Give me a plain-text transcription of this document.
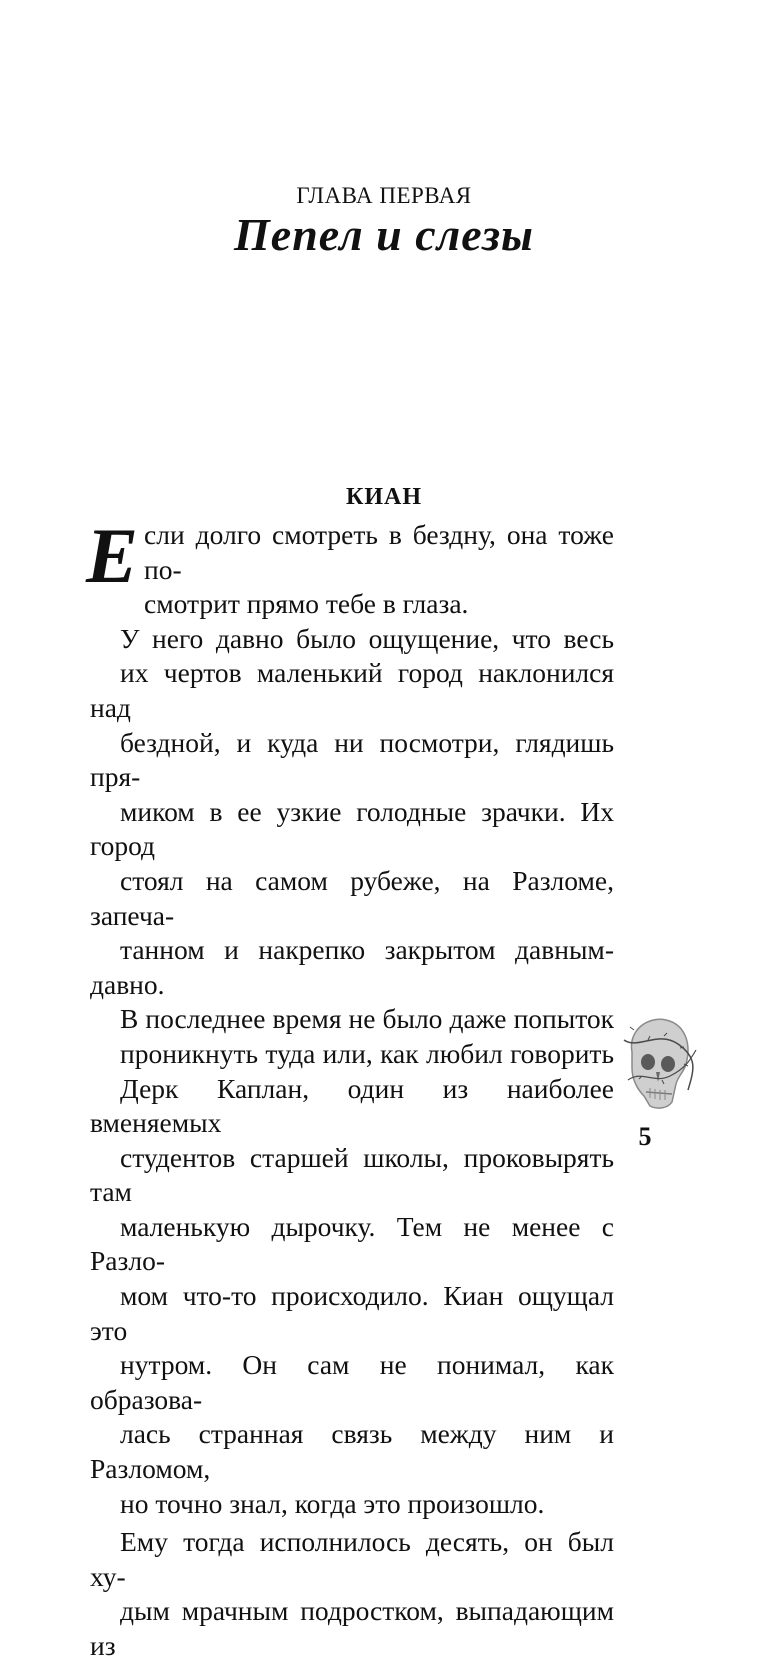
ГЛАВА ПЕРВАЯ
Пепел и слезы
КИАН

Е сли долго смотреть в бездну, она тоже по-
смотрит прямо тебе в глаза.

У него давно было ощущение, что весь
их чертов маленький город наклонился над
бездной, и куда ни посмотри, глядишь пря-
миком в ее узкие голодные зрачки. Их город
стоял на самом рубеже, на Разломе, запеча-
танном и накрепко закрытом давным-давно.
В последнее время не было даже попыток
проникнуть туда или, как любил говорить
Дерк Каплан, один из наиболее вменяемых
студентов старшей школы, проковырять там
маленькую дырочку. Тем не менее с Разло-
мом что-то происходило. Киан ощущал это
нутром. Он сам не понимал, как образова-
лась странная связь между ним и Разломом,
но точно знал, когда это произошло.

Ему тогда исполнилось десять, он был ху-
дым мрачным подростком, выпадающим из

5
